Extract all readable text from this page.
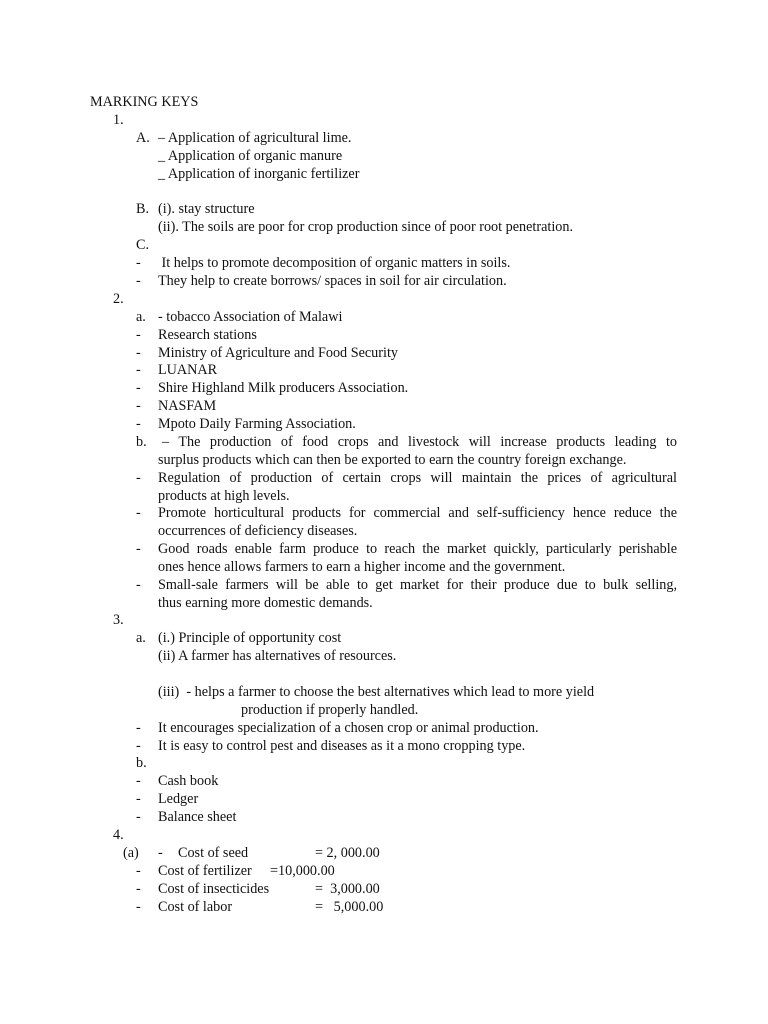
MARKING KEYS
1.
A. – Application of agricultural lime.
_ Application of organic manure
_ Application of inorganic fertilizer
B. (i). stay structure
(ii). The soils are poor for crop production since of poor root penetration.
C.
- It helps to promote decomposition of organic matters in soils.
- They help to create borrows/ spaces in soil for air circulation.
2.
a. - tobacco Association of Malawi
- Research stations
- Ministry of Agriculture and Food Security
- LUANAR
- Shire Highland Milk producers Association.
- NASFAM
- Mpoto Daily Farming Association.
b. – The production of food crops and livestock will increase products leading to
surplus products which can then be exported to earn the country foreign exchange.
- Regulation of production of certain crops will maintain the prices of agricultural
products at high levels.
- Promote horticultural products for commercial and self-sufficiency hence reduce the
occurrences of deficiency diseases.
- Good roads enable farm produce to reach the market quickly, particularly perishable
ones hence allows farmers to earn a higher income and the government.
- Small-sale farmers will be able to get market for their produce due to bulk selling,
thus earning more domestic demands.
3.
a. (i.) Principle of opportunity cost
(ii) A farmer has alternatives of resources.
(iii)  - helps a farmer to choose the best alternatives which lead to more yield
production if properly handled.
- It encourages specialization of a chosen crop or animal production.
- It is easy to control pest and diseases as it a mono cropping type.
b.
- Cash book
- Ledger
- Balance sheet
4.
(a) - Cost of seed	= 2, 000.00
- Cost of fertilizer =10,000.00
- Cost of insecticides	=  3,000.00
- Cost of labor	=   5,000.00
